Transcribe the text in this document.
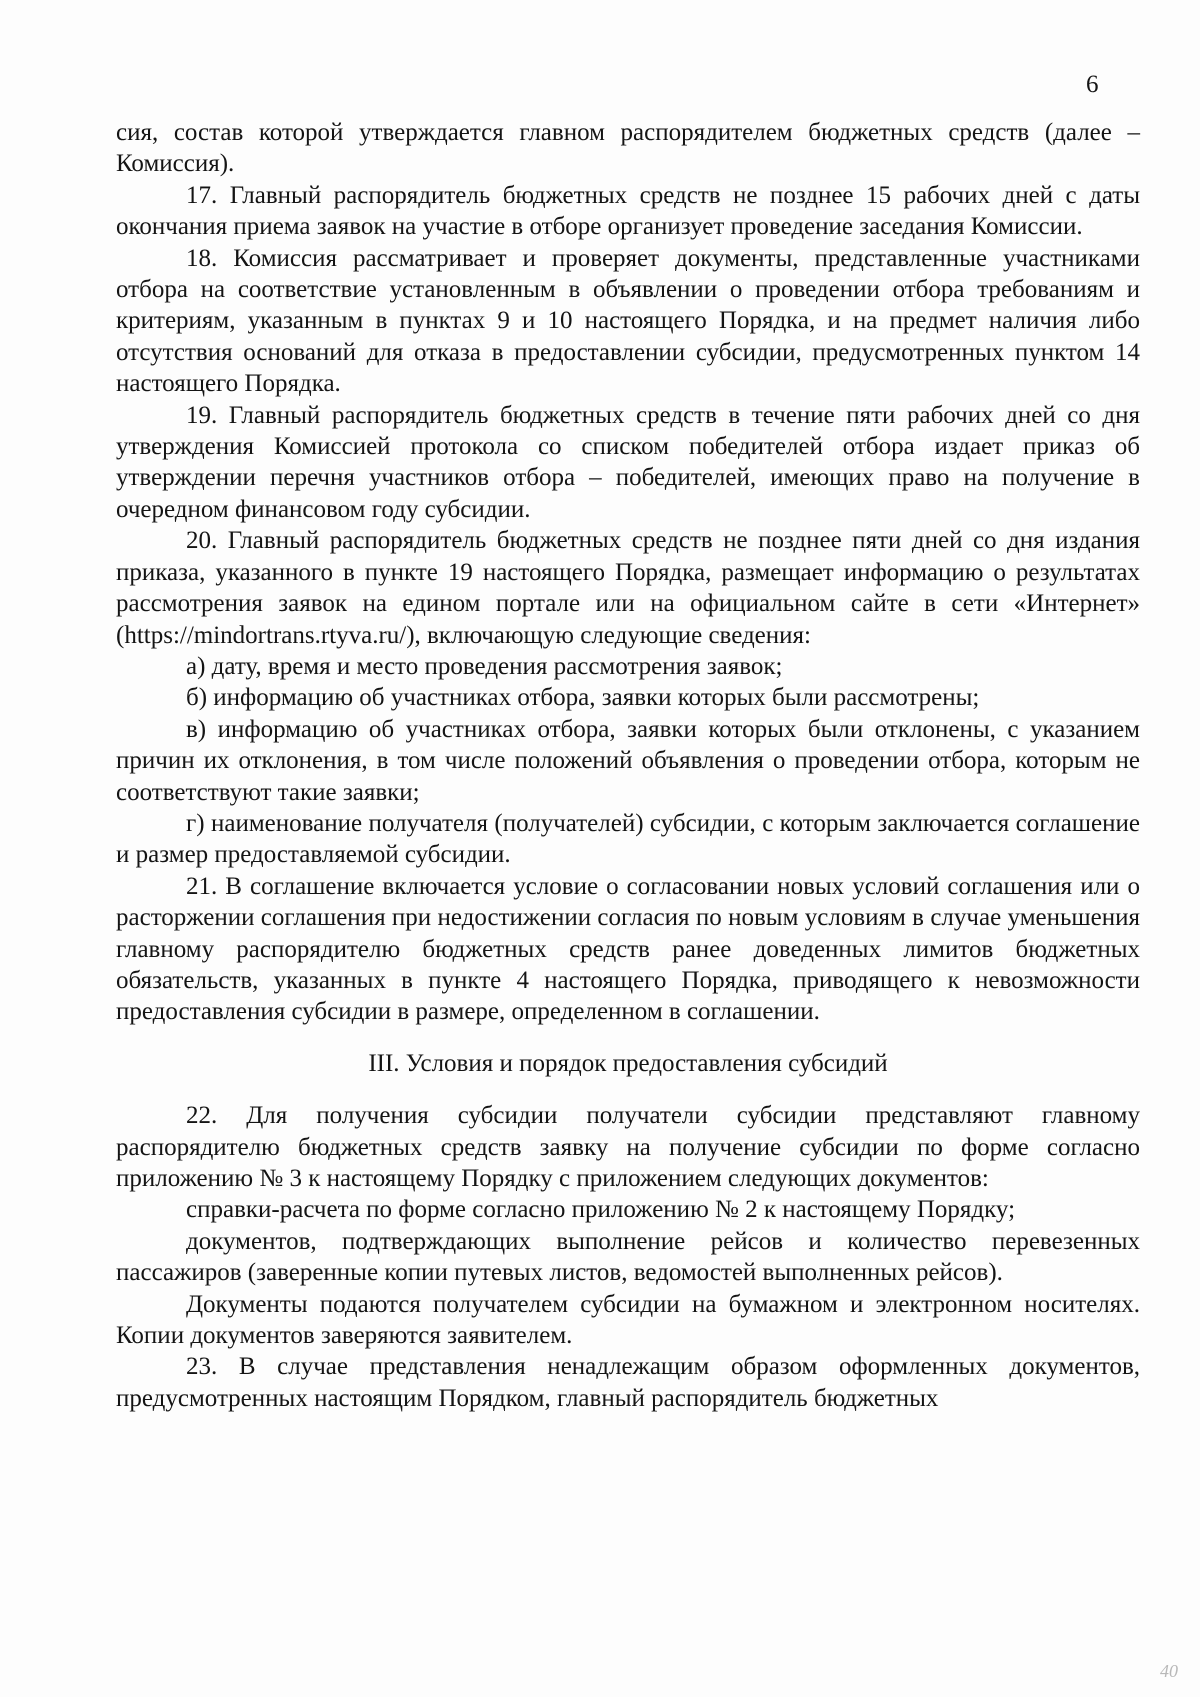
6

сия, состав которой утверждается главном распорядителем бюджетных средств (далее – Комиссия).

17. Главный распорядитель бюджетных средств не позднее 15 рабочих дней с даты окончания приема заявок на участие в отборе организует проведение заседания Комиссии.

18. Комиссия рассматривает и проверяет документы, представленные участниками отбора на соответствие установленным в объявлении о проведении отбора требованиям и критериям, указанным в пунктах 9 и 10 настоящего Порядка, и на предмет наличия либо отсутствия оснований для отказа в предоставлении субсидии, предусмотренных пунктом 14 настоящего Порядка.

19. Главный распорядитель бюджетных средств в течение пяти рабочих дней со дня утверждения Комиссией протокола со списком победителей отбора издает приказ об утверждении перечня участников отбора – победителей, имеющих право на получение в очередном финансовом году субсидии.

20. Главный распорядитель бюджетных средств не позднее пяти дней со дня издания приказа, указанного в пункте 19 настоящего Порядка, размещает информацию о результатах рассмотрения заявок на едином портале или на официальном сайте в сети «Интернет» (https://mindortrans.rtyva.ru/), включающую следующие сведения:

а) дату, время и место проведения рассмотрения заявок;

б) информацию об участниках отбора, заявки которых были рассмотрены;

в) информацию об участниках отбора, заявки которых были отклонены, с указанием причин их отклонения, в том числе положений объявления о проведении отбора, которым не соответствуют такие заявки;

г) наименование получателя (получателей) субсидии, с которым заключается соглашение и размер предоставляемой субсидии.

21. В соглашение включается условие о согласовании новых условий соглашения или о расторжении соглашения при недостижении согласия по новым условиям в случае уменьшения главному распорядителю бюджетных средств ранее доведенных лимитов бюджетных обязательств, указанных в пункте 4 настоящего Порядка, приводящего к невозможности предоставления субсидии в размере, определенном в соглашении.

III. Условия и порядок предоставления субсидий

22. Для получения субсидии получатели субсидии представляют главному распорядителю бюджетных средств заявку на получение субсидии по форме согласно приложению № 3 к настоящему Порядку с приложением следующих документов:

справки-расчета по форме согласно приложению № 2 к настоящему Порядку;

документов, подтверждающих выполнение рейсов и количество перевезенных пассажиров (заверенные копии путевых листов, ведомостей выполненных рейсов).

Документы подаются получателем субсидии на бумажном и электронном носителях. Копии документов заверяются заявителем.

23. В случае представления ненадлежащим образом оформленных документов, предусмотренных настоящим Порядком, главный распорядитель бюджетных

40
